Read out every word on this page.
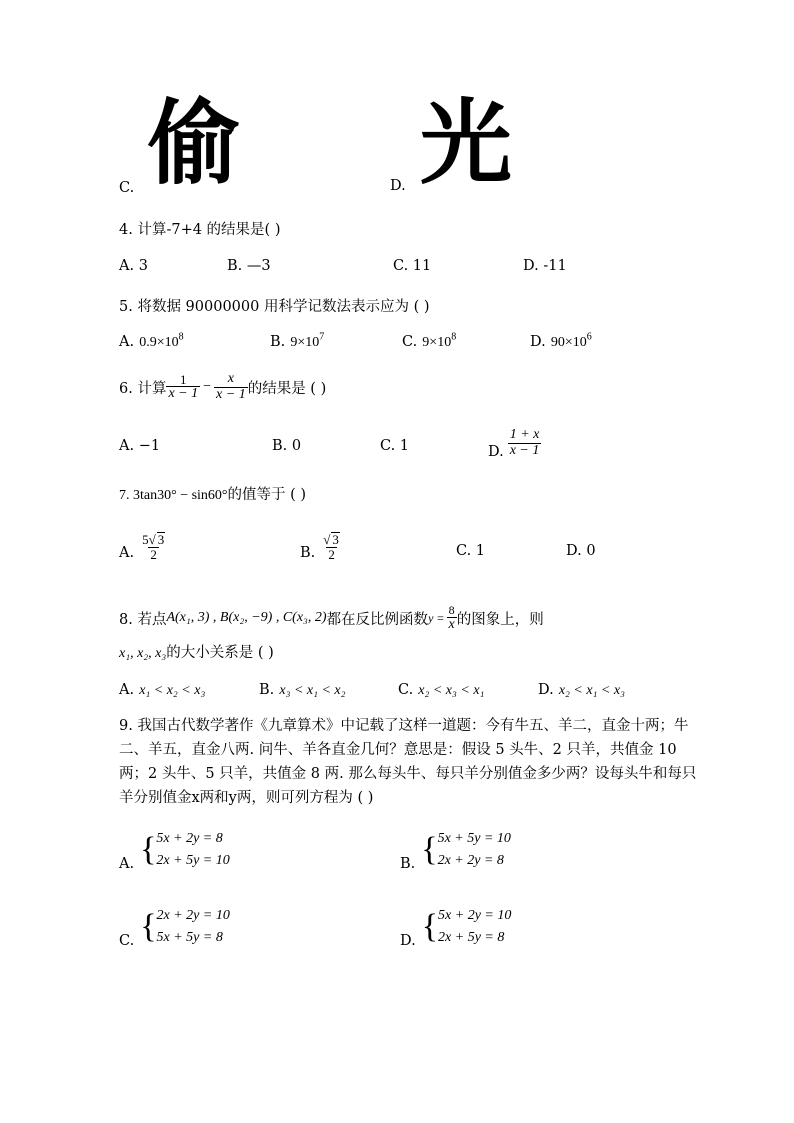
C. 偷	D. 光
4. 计算-7+4 的结果是( )
A. 3	B. —3	C. 11	D. -11
5. 将数据 90000000 用科学记数法表示应为 ( )
A. $0.9\times 10^8$	B. $9\times 10^7$	C. $9\times 10^8$	D. $90\times 10^6$
6. 计算 $\frac{1}{x - 1} - \frac{x}{x - 1}$ 的结果是 ( )
A. −1	B. 0	C. 1	D. $\frac{1 + x}{x - 1}$
7. 3tan30° − sin60°的值等于 ( )
A. $\frac{5√ 3}{2}$	B. $\frac{√ 3}{2}$	C. 1	D. 0
8. 若点 A(x₁, 3) , B(x₂, −9) , C(x₃, 2) 都在反比例函数 $y = \frac{8}{x}$ 的图象上，则
x₁, x₂, x₃的大小关系是 ( )
A. x₁ < x₂ < x₃	B. x₃ < x₁ < x₂	C. x₂ < x₃ < x₁	D. x₂ < x₁ < x₃
9. 我国古代数学著作《九章算术》中记载了这样一道题：今有牛五、羊二，直金十两；牛二、羊五，直金八两. 问牛、羊各直金几何？意思是：假设 5 头牛、2 只羊，共值金 10 两；2 头牛、5 只羊，共值金 8 两. 那么每头牛、每只羊分别值金多少两？设每头牛和每只羊分别值金x两和y两，则可列方程为 ( )
A. { 5x + 2y = 8
2x + 5y = 10	B. { 5x + 5y = 10
2x + 2y = 8
C. { 2x + 2y = 10
5x + 5y = 8	D. { 5x + 2y = 10
2x + 5y = 8
